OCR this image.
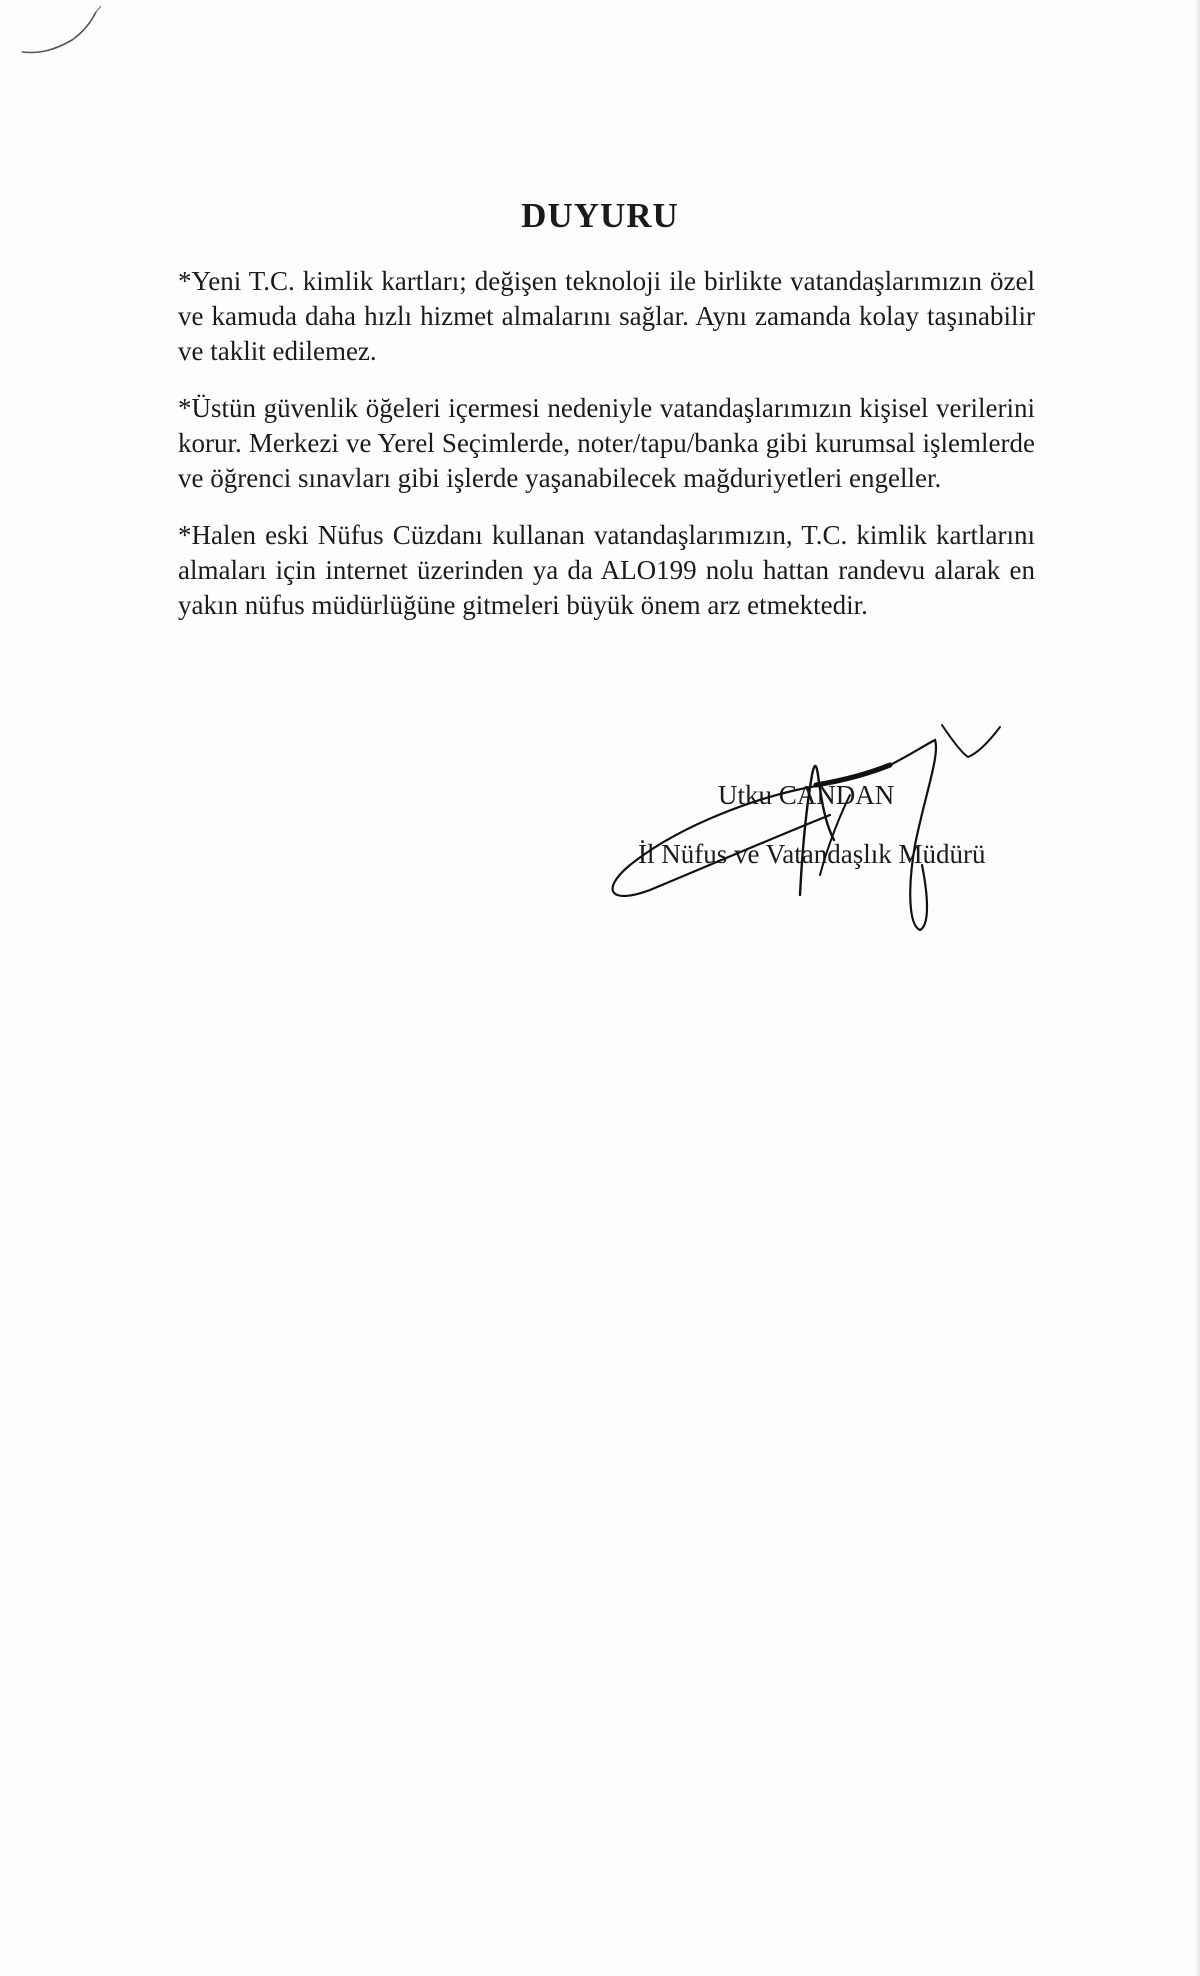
DUYURU

*Yeni T.C. kimlik kartları; değişen teknoloji ile birlikte vatandaşlarımızın özel ve kamuda daha hızlı hizmet almalarını sağlar. Aynı zamanda kolay taşınabilir ve taklit edilemez.

*Üstün güvenlik öğeleri içermesi nedeniyle vatandaşlarımızın kişisel verilerini korur. Merkezi ve Yerel Seçimlerde, noter/tapu/banka gibi kurumsal işlemlerde ve öğrenci sınavları gibi işlerde yaşanabilecek mağduriyetleri engeller.

*Halen eski Nüfus Cüzdanı kullanan vatandaşlarımızın, T.C. kimlik kartlarını almaları için internet üzerinden ya da ALO199 nolu hattan randevu alarak en yakın nüfus müdürlüğüne gitmeleri büyük önem arz etmektedir.

Utku CANDAN
İl Nüfus ve Vatandaşlık Müdürü
